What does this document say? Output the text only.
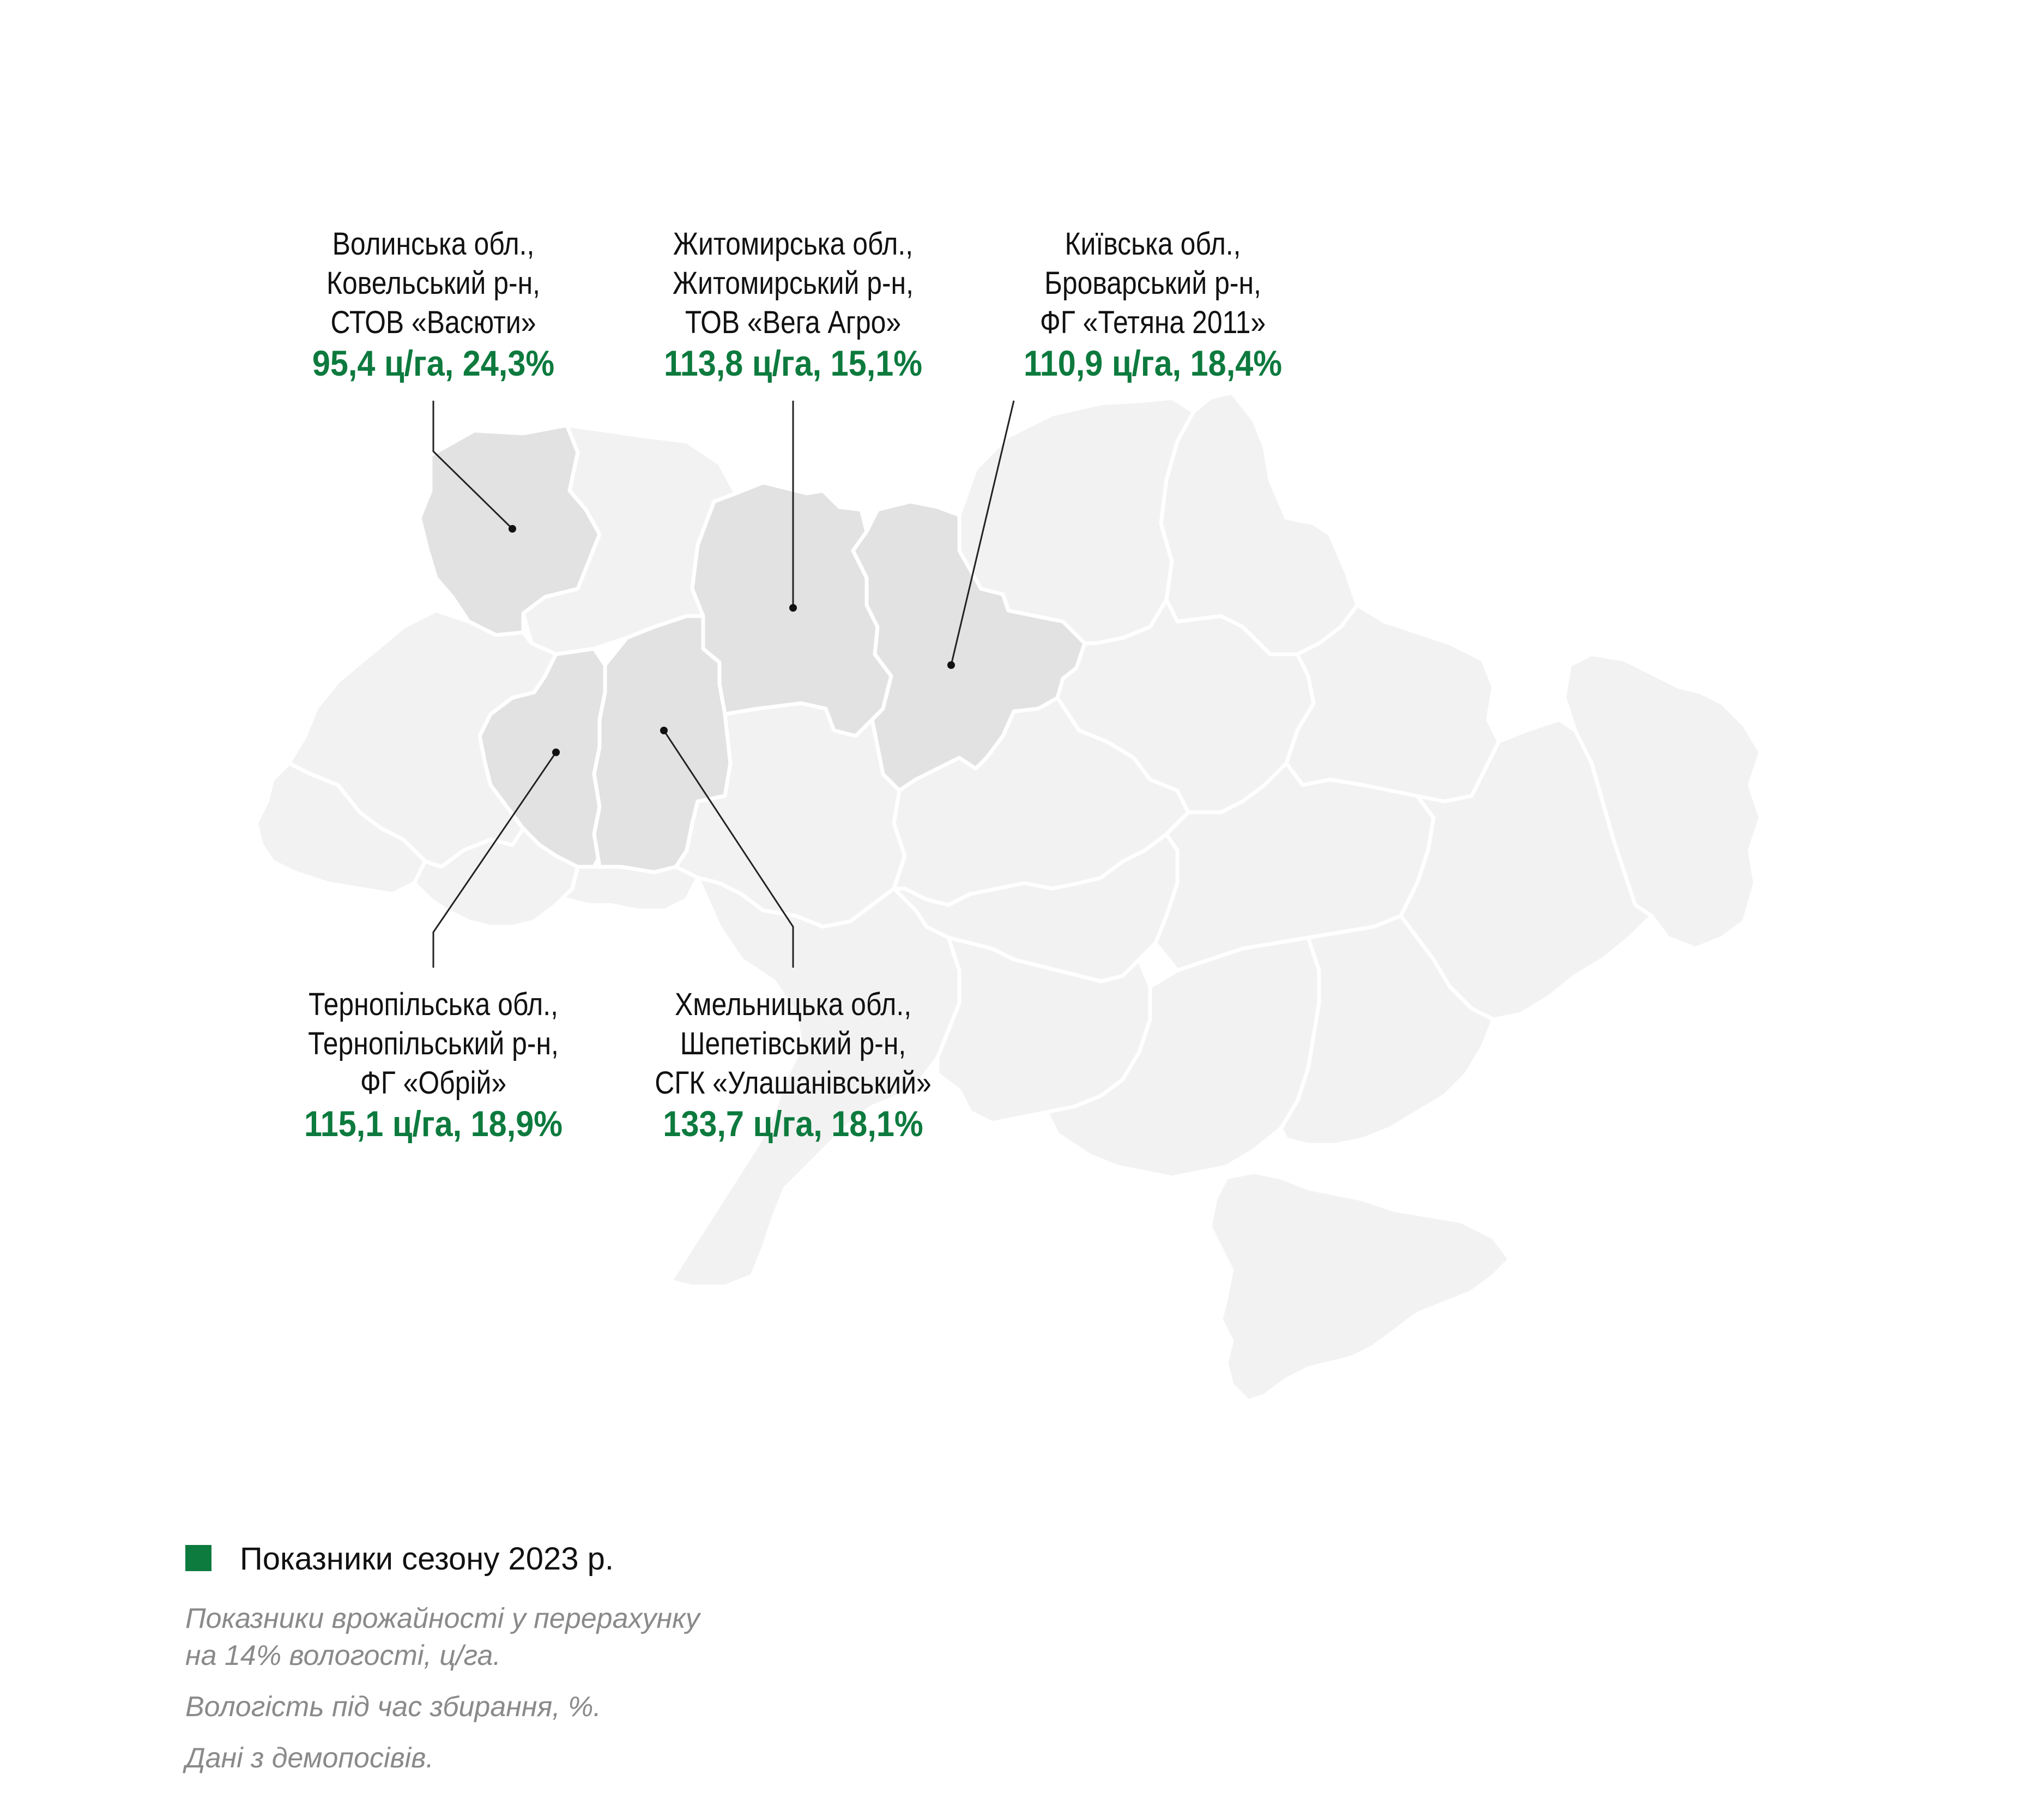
Волинська обл.,
Ковельський р-н,
СТОВ «Васюти»
95,4 ц/га, 24,3%
Житомирська обл.,
Житомирський р-н,
ТОВ «Вега Агро»
113,8 ц/га, 15,1%
Київська обл.,
Броварський р-н,
ФГ «Тетяна 2011»
110,9 ц/га, 18,4%
Тернопільська обл.,
Тернопільський р-н,
ФГ «Обрій»
115,1 ц/га, 18,9%
Хмельницька обл.,
Шепетівський р-н,
СГК «Улашанівський»
133,7 ц/га, 18,1%
Показники сезону 2023 р.
Показники врожайності у перерахунку
на 14% вологості, ц/га.
Вологість під час збирання, %.
Дані з демопосівів.
